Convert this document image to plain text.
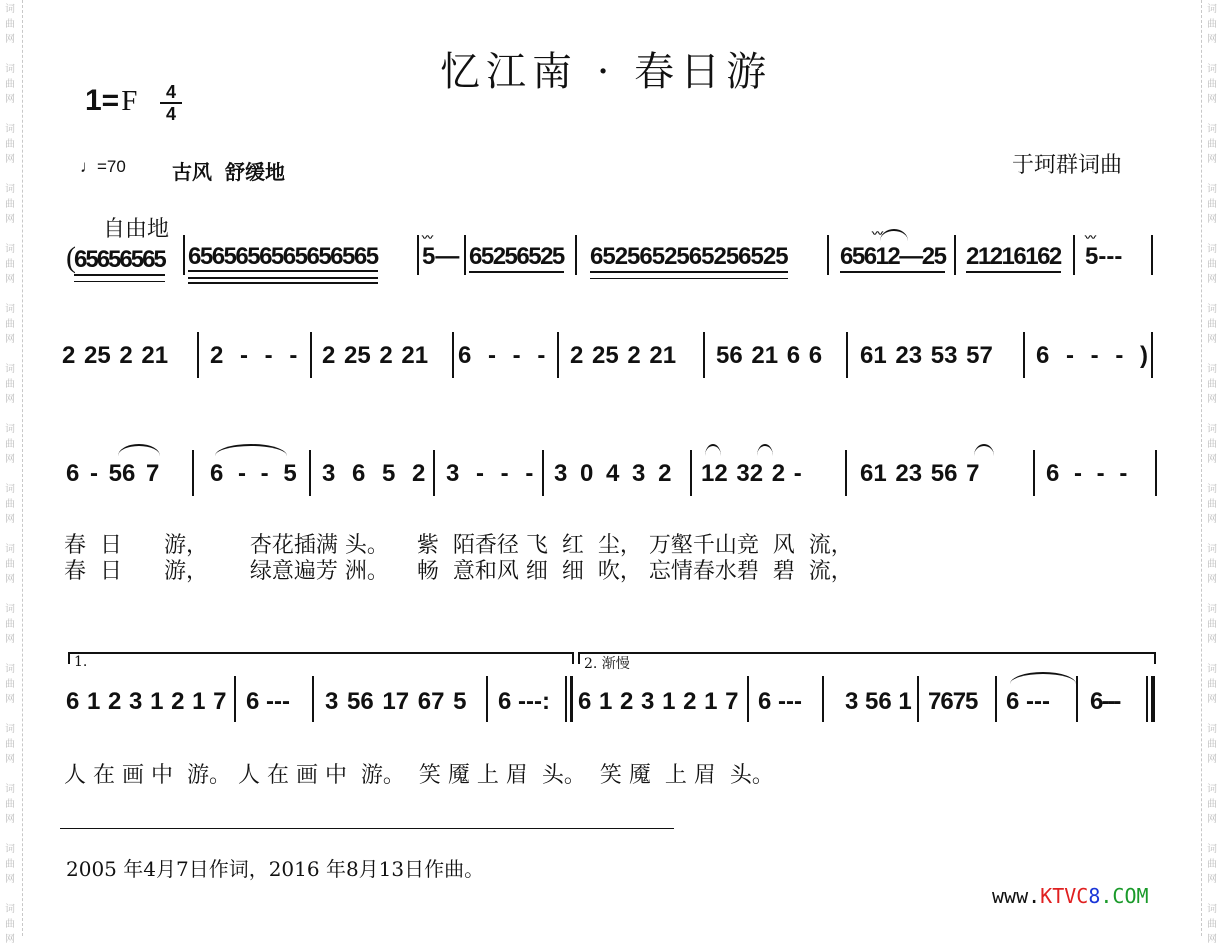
词
曲
网
词
曲
网
词
曲
网
词
曲
网
词
曲
网
词
曲
网
词
曲
网
词
曲
网
词
曲
网
词
曲
网
词
曲
网
词
曲
网
词
曲
网
词
曲
网
词
曲
网
词
曲
网
词
曲
网
词
曲
网
词
曲
网
词
曲
网
词
曲
网
词
曲
网
词
曲
网
词
曲
网
词
曲
网
词
曲
网
词
曲
网
词
曲
网
词
曲
网
词
曲
网
词
曲
网
词
曲
网
忆江南 · 春日游
$1=F \frac{4}{4}$
♩=70 古风 舒缓地	于珂群词曲
自由地
(65656565 6565656565656565
〰
5— 65256525 6525652565256525
〰
65612—25 21216162
〰
5---
2 25 2 21 2 - - - 2 25 2 21 6 - - - 2 25 2 21 56 21 6 6 61 23 53 57 6 - - - )
6 - 56 7 6 - - 5 3 6 5 2 3 - - - 3 0 4 3 2 12 32 2 - 61 23 56 7	6 - - -
春  日      游，      杏花插满 头。    紫  陌香径 飞  红  尘， 万壑千山竞  风  流，
春  日      游，      绿意遍芳 洲。    畅  意和风 细  细  吹， 忘情春水碧  碧  流，
1.	2. 渐慢
6 1 2 3 1 2 1 7 6 --- 3 56 17 67 5 6 ---: 6 1 2 3 1 2 1 7 6 --- 3 56 1 7675 6 --- 6---
人 在 画 中  游。 人 在 画 中  游。  笑 魇 上 眉  头。  笑 魇  上 眉  头。
2005 年4月7日作词，2016 年8月13日作曲。
www.KTVC8.COM
